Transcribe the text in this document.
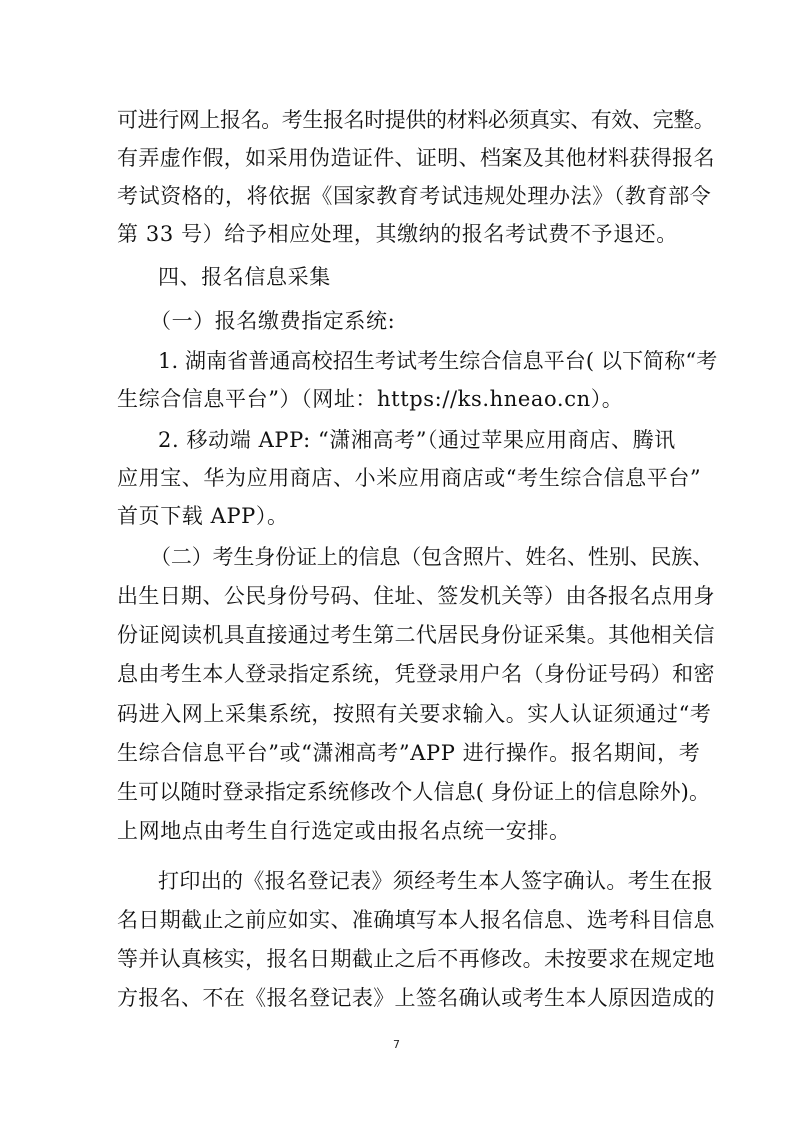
可进行网上报名。考生报名时提供的材料必须真实、有效、完整。
有弄虚作假，如采用伪造证件、证明、档案及其他材料获得报名
考试资格的，将依据《国家教育考试违规处理办法》（教育部令
第 33 号）给予相应处理，其缴纳的报名考试费不予退还。
四、报名信息采集
（一）报名缴费指定系统:
1. 湖南省普通高校招生考试考生综合信息平台( 以下简称“考
生综合信息平台”）（网址：https://ks.hneao.cn）。
2. 移动端 APP: “潇湘高考”（通过苹果应用商店、腾讯
应用宝、华为应用商店、小米应用商店或“考生综合信息平台”
首页下载 APP）。
（二）考生身份证上的信息（包含照片、姓名、性别、民族、
出生日期、公民身份号码、住址、签发机关等）由各报名点用身
份证阅读机具直接通过考生第二代居民身份证采集。其他相关信
息由考生本人登录指定系统，凭登录用户名（身份证号码）和密
码进入网上采集系统，按照有关要求输入。实人认证须通过“考
生综合信息平台”或“潇湘高考”APP 进行操作。报名期间，考
生可以随时登录指定系统修改个人信息( 身份证上的信息除外)。
上网地点由考生自行选定或由报名点统一安排。
打印出的《报名登记表》须经考生本人签字确认。考生在报
名日期截止之前应如实、准确填写本人报名信息、选考科目信息
等并认真核实，报名日期截止之后不再修改。未按要求在规定地
方报名、不在《报名登记表》上签名确认或考生本人原因造成的
7
